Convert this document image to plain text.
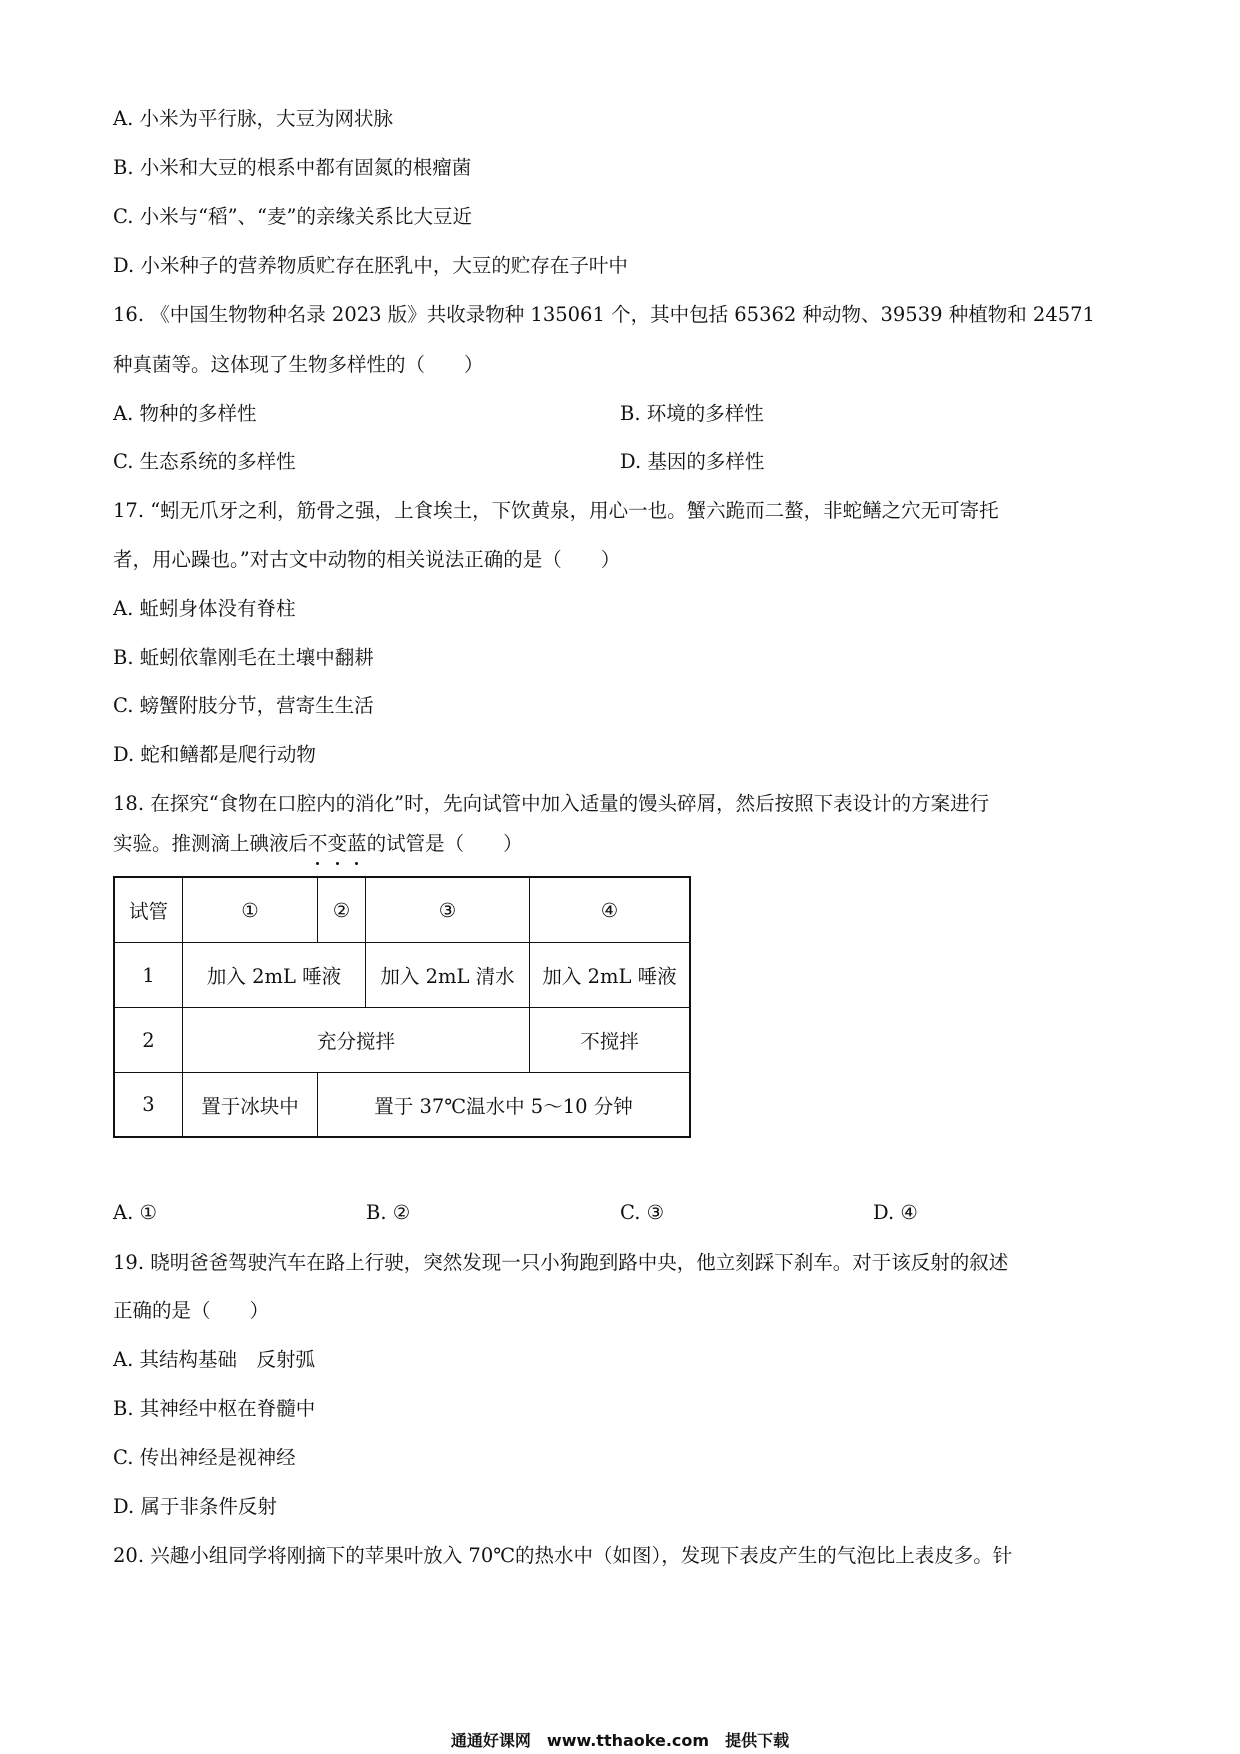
A. 小米为平行脉，大豆为网状脉
B. 小米和大豆的根系中都有固氮的根瘤菌
C. 小米与“稻”、“麦”的亲缘关系比大豆近
D. 小米种子的营养物质贮存在胚乳中，大豆的贮存在子叶中
16. 《中国生物物种名录 2023 版》共收录物种 135061 个，其中包括 65362 种动物、39539 种植物和 24571
种真菌等。这体现了生物多样性的（　　）
A. 物种的多样性	B. 环境的多样性
C. 生态系统的多样性	D. 基因的多样性
17. “蚓无爪牙之利，筋骨之强，上食埃土，下饮黄泉，用心一也。蟹六跪而二螯，非蛇鳝之穴无可寄托
者，用心躁也。”对古文中动物的相关说法正确的是（　　）
A. 蚯蚓身体没有脊柱
B. 蚯蚓依靠刚毛在土壤中翻耕
C. 螃蟹附肢分节，营寄生生活
D. 蛇和鳝都是爬行动物
18. 在探究“食物在口腔内的消化”时，先向试管中加入适量的馒头碎屑，然后按照下表设计的方案进行
实验。推测滴上碘液后不变蓝的试管是（　　）
试管	①	②	③	④
1	加入 2mL 唾液	加入 2mL 清水	加入 2mL 唾液
2	充分搅拌	不搅拌
3	置于冰块中	置于 37℃温水中 5～10 分钟
A. ①	B. ②	C. ③	D. ④
19. 晓明爸爸驾驶汽车在路上行驶，突然发现一只小狗跑到路中央，他立刻踩下刹车。对于该反射的叙述
正确的是（　　）
A. 其结构基础　反射弧
B. 其神经中枢在脊髓中
C. 传出神经是视神经
D. 属于非条件反射
20. 兴趣小组同学将刚摘下的苹果叶放入 70℃的热水中（如图），发现下表皮产生的气泡比上表皮多。针
通通好课网　www.tthaoke.com　提供下载
